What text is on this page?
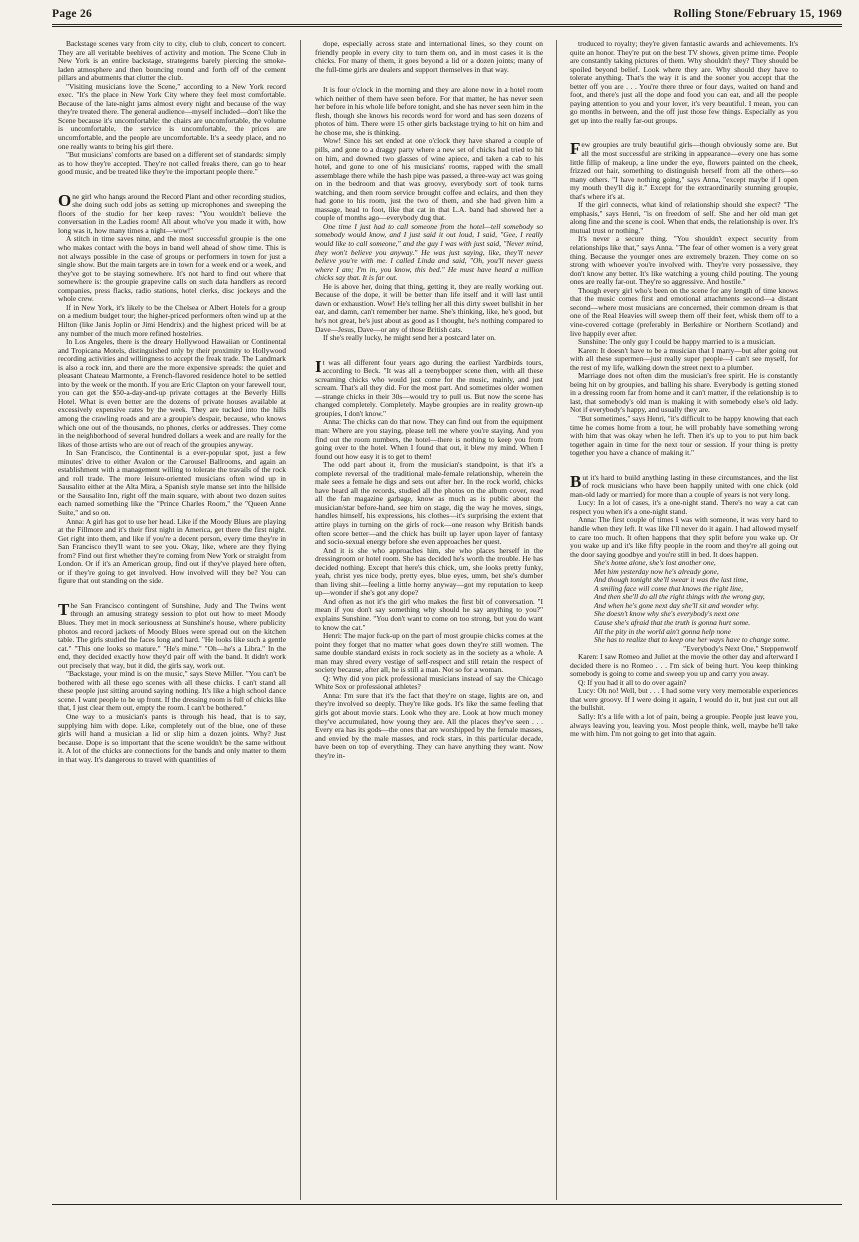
Page 26	Rolling Stone/February 15, 1969

Backstage scenes vary from city to city, club to club, concert to concert. They are all veritable beehives of activity and motion. The Scene Club in New York is an entire backstage, strategems barely piercing the smoke-laden atmosphere and then bouncing round and forth off of the cement pillars and abutments that clutter the club.

"Visiting musicians love the Scene," according to a New York record exec. "It's the place in New York City where they feel most comfortable. Because of the late-night jams almost every night and because of the way they're treated there. The general audience—myself included—don't like the Scene because it's uncomfortable: the chairs are uncomfortable, the volume is uncomfortable, the service is uncomfortable, the prices are uncomfortable, and the people are uncomfortable. It's a seedy place, and no one really wants to bring his girl there.

"But musicians' comforts are based on a different set of standards: simply as to how they're accepted. They're not called freaks there, can go to hear good music, and be treated like they're the important people there."

One girl who hangs around the Record Plant and other recording studios, she doing such odd jobs as setting up microphones and sweeping the floors of the studio for her keep raves: "You wouldn't believe the conversation in the Ladies room! All about who've you made it with, how long was it, how many times a night—wow!"

A stitch in time saves nine, and the most successful groupie is the one who makes contact with the boys in band well ahead of show time. This is not always possible in the case of groups or performers in town for just a single show. But the main targets are in town for a week end or a week, and they've got to be staying somewhere. It's not hard to find out where that somewhere is: the groupie grapevine calls on such data handlers as record companies, press flacks, radio stations, hotel clerks, disc jockeys and the whole crew.

If in New York, it's likely to be the Chelsea or Albert Hotels for a group on a medium budget tour; the higher-priced performers often wind up at the Hilton (like Janis Joplin or Jimi Hendrix) and the highest priced will be at any number of the much more refined hostelries.

In Los Angeles, there is the dreary Hollywood Hawaiian or Continental and Tropicana Motels, distinguished only by their proximity to Hollywood recording activities and willingness to accept the freak trade. The Landmark is also a rock inn, and there are the more expensive spreads: the quiet and pleasant Chateau Marmonte, a French-flavored residence hotel to be settled into by the week or the month. If you are Eric Clapton on your farewell tour, you can get the $50-a-day-and-up private cottages at the Beverly Hills Hotel. What is even better are the dozens of private houses available at excessively expensive rates by the week. They are tucked into the hills among the crawling roads and are a groupie's despair, because, who knows which one out of the thousands, no phones, clerks or addresses. They come in the neighborhood of several hundred dollars a week and are really for the likes of those artists who are out of reach of the groupies anyway.

In San Francisco, the Continental is a ever-popular spot, just a few minutes' drive to either Avalon or the Carousel Ballrooms, and again an establishment with a management willing to tolerate the travails of the rock and roll trade. The more leisure-oriented musicians often wind up in Sausalito either at the Alta Mira, a Spanish style manse set into the hillside or the Sausalito Inn, right off the main square, with about two dozen suites each named something like the "Prince Charles Room," the "Queen Anne Suite," and so on.

Anna: A girl has got to use her head. Like if the Moody Blues are playing at the Fillmore and it's their first night in America, get there the first night. Get right into them, and like if you're a decent person, every time they're in San Francisco they'll want to see you. Okay, like, where are they flying from? Find out first whether they're coming from New York or straight from London. Or if it's an American group, find out if they've played here often, or if they're going to get involved. How involved will they be? You can figure that out standing on the side.

The San Francisco contingent of Sunshine, Judy and The Twins went through an amusing strategy session to plot out how to meet Moody Blues. They met in mock seriousness at Sunshine's house, where publicity photos and record jackets of Moody Blues were spread out on the kitchen table. The girls studied the faces long and hard. "He looks like such a gentle cat." "This one looks so mature." "He's mine." "Oh—he's a Libra." In the end, they decided exactly how they'd pair off with the band. It didn't work out precisely that way, but it did, the girls say, work out.

"Backstage, your mind is on the music," says Steve Miller. "You can't be bothered with all these ego scenes with all these chicks. I can't stand all these people just sitting around saying nothing. It's like a high school dance scene. I want people to be up front. If the dressing room is full of chicks like that, I just clear them out, empty the room. I can't be bothered."

One way to a musician's pants is through his head, that is to say, supplying him with dope. Like, completely out of the blue, one of these girls will hand a musician a lid or slip him a dozen joints. Why? Just because. Dope is so important that the scene wouldn't be the same without it. A lot of the chicks are connections for the bands and only matter to them in that way. It's dangerous to travel with quantities of

dope, especially across state and international lines, so they count on friendly people in every city to turn them on, and in most cases it is the chicks. For many of them, it goes beyond a lid or a dozen joints; many of the full-time girls are dealers and support themselves in that way.

It is four o'clock in the morning and they are alone now in a hotel room which neither of them have seen before. For that matter, he has never seen her before in his whole life before tonight, and she has never seen him in the flesh, though she knows his records word for word and has seen dozens of photos of him. There were 15 other girls backstage trying to hit on him and he chose me, she is thinking.

Wow! Since his set ended at one o'clock they have shared a couple of pills, and gone to a draggy party where a new set of chicks had tried to hit on him, and downed two glasses of wine apiece, and taken a cab to his hotel, and gone to one of his musicians' rooms, rapped with the small assemblage there while the hash pipe was passed, a three-way act was going on in the bedroom and that was groovy, everybody sort of took turns watching, and then room service brought coffee and eclairs, and then they had gone to his room, just the two of them, and she had given him a massage, head to foot, like that cat in that L.A. band had showed her a couple of months ago—everybody dug that.

One time I just had to call someone from the hotel—tell somebody so somebody would know, and I just said it out loud, I said, "Gee, I really would like to call someone," and the guy I was with just said, "Never mind, they won't believe you anyway." He was just saying, like, they'll never believe you're with me. I called Linda and said, "Oh, you'll never guess where I am; I'm in, you know, this bed." He must have heard a million chicks say that. It is far out.

He is above her, doing that thing, getting it, they are really working out. Because of the dope, it will be better than life itself and it will last until dawn or exhaustion. Wow! He's telling her all this dirty sweet bullshit in her ear, and damn, can't remember her name. She's thinking, like, he's good, but he's not great, he's just about as good as I thought, he's nothing compared to Dave—Jesus, Dave—or any of those British cats.

If she's really lucky, he might send her a postcard later on.

It was all different four years ago during the earliest Yardbirds tours, according to Beck. "It was all a teenybopper scene then, with all these screaming chicks who would just come for the music, mainly, and just scream. That's all they did. For the most part. And sometimes older women—strange chicks in their 30s—would try to pull us. But now the scene has changed completely. Completely. Maybe groupies are in reality grown-up groupies, I don't know."

Anna: The chicks can do that now. They can find out from the equipment man: Where are you staying, please tell me where you're staying. And you find out the room numbers, the hotel—there is nothing to keep you from going over to the hotel. When I found that out, it blew my mind. When I found out how easy it is to get to them!

The odd part about it, from the musician's standpoint, is that it's a complete reversal of the traditional male-female relationship, wherein the male sees a female he digs and sets out after her. In the rock world, chicks have heard all the records, studied all the photos on the album cover, read all the fan magazine garbage, know as much as is public about the musician/star before-hand, see him on stage, dig the way he moves, sings, handles himself, his expressions, his clothes—it's surprising the extent that attire plays in turning on the girls of rock—one reason why British bands often score better—and the chick has built up layer upon layer of fantasy and socio-sexual energy before she even approaches her quest.

And it is she who approaches him, she who places herself in the dressingroom or hotel room. She has decided he's worth the trouble. He has decided nothing. Except that here's this chick, um, she looks pretty funky, yeah, christ yes nice body, pretty eyes, blue eyes, umm, bet she's dumber than living shit—feeling a little horny anyway—got my reputation to keep up—wonder if she's got any dope?

And often as not it's the girl who makes the first bit of conversation. "I mean if you don't say something why should he say anything to you?" explains Sunshine. "You don't want to come on too strong, but you do want to know the cat."

Henri: The major fuck-up on the part of most groupie chicks comes at the point they forget that no matter what goes down they're still women. The same double standard exists in rock society as in the society as a whole. A man may shred every vestige of self-respect and still retain the respect of society because, after all, he is still a man. Not so for a woman.

Q: Why did you pick professional musicians instead of say the Chicago White Sox or professional athletes?

Anna: I'm sure that it's the fact that they're on stage, lights are on, and they're involved so deeply. They're like gods. It's like the same feeling that girls got about movie stars. Look who they are. Look at how much money they've accumulated, how young they are. All the places they've seen . . . Every era has its gods—the ones that are worshipped by the female masses, and envied by the male masses, and rock stars, in this particular decade, have been on top of everything. They can have anything they want. Now they're in-

troduced to royalty; they're given fantastic awards and achievements. It's quite an honor. They're put on the best TV shows, given prime time. People are constantly taking pictures of them. Why shouldn't they? They should be spoiled beyond belief. Look where they are. Why should they have to tolerate anything. That's the way it is and the sooner you accept that the better off you are . . . You're there three or four days, waited on hand and foot, and there's just all the dope and food you can eat, and all the people paying attention to you and your lover, it's very beautiful. I mean, you can go months in between, and the off just those few things. Especially as you get up into the really far-out groups.

Few groupies are truly beautiful girls—though obviously some are. But all the most successful are striking in appearance—every one has some little fillip of makeup, a line under the eye, flowers painted on the cheek, frizzed out hair, something to distinguish herself from all the others—so many others. "I have nothing going," says Anna, "except maybe if I open my mouth they'll dig it." Except for the extraordinarily stunning groupie, that's where it's at.

If the girl connects, what kind of relationship should she expect? "The emphasis," says Henri, "is on freedom of self. She and her old man get along fine and the scene is cool. When that ends, the relationship is over. It's mutual trust or nothing."

It's never a secure thing. "You shouldn't expect security from relationships like that," says Anna. "The fear of other women is a very great thing. Because the younger ones are extremely brazen. They come on so strong with whoever you're involved with. They're very possessive, they don't know any better. It's like watching a young child pouting. The young ones are really far-out. They're so aggressive. And hostile."

Though every girl who's been on the scene for any length of time knows that the music comes first and emotional attachments second—a distant second—where most musicians are concerned, their common dream is that one of the Real Heavies will sweep them off their feet, whisk them off to a vine-covered cottage (preferably in Berkshire or Northern Scotland) and live happily ever after.

Sunshine: The only guy I could be happy married to is a musician.

Karen: It doesn't have to be a musician that I marry—but after going out with all these supermen—just really super people—I can't see myself, for the rest of my life, walking down the street next to a plumber.

Marriage does not often dim the musician's free spirit. He is constantly being hit on by groupies, and balling his share. Everybody is getting stoned in a dressing room far from home and it can't matter, if the relationship is to last, that somebody's old man is making it with somebody else's old lady. Not if everybody's happy, and usually they are.

"But sometimes," says Henri, "it's difficult to be happy knowing that each time he comes home from a tour, he will probably have something wrong with him that was okay when he left. Then it's up to you to put him back together again in time for the next tour or session. If your thing is pretty together you have a chance of making it."

But it's hard to build anything lasting in these circumstances, and the list of rock musicians who have been happily united with one chick (old man-old lady or married) for more than a couple of years is not very long.

Lucy: In a lot of cases, it's a one-night stand. There's no way a cat can respect you when it's a one-night stand.

Anna: The first couple of times I was with someone, it was very hard to handle when they left. It was like I'll never do it again. I had allowed myself to care too much. It often happens that they split before you wake up. Or you wake up and it's like fifty people in the room and they're all going out the door saying goodbye and you're still in bed. It does happen.

She's home alone, she's lost another one,

Met him yesterday now he's already gone,

And though tonight she'll swear it was the last time,

A smiling face will come that knows the right line,

And then she'll do all the right things with the wrong guy,

And when he's gone next day she'll sit and wonder why.

She doesn't know why she's everybody's next one

Cause she's afraid that the truth is gonna hurt some.

All the pity in the world ain't gonna help none

She has to realize that to keep one her ways have to change some.

"Everybody's Next One," Steppenwolf

Karen: I saw Romeo and Juliet at the movie the other day and afterward I decided there is no Romeo . . . I'm sick of being hurt. You keep thinking somebody is going to come and sweep you up and carry you away.

Q: If you had it all to do over again?

Lucy: Oh no! Well, but . . . I had some very very memorable experiences that were groovy. If I were doing it again, I would do it, but just cut out all the bullshit.

Sally: It's a life with a lot of pain, being a groupie. People just leave you, always leaving you, leaving you. Most people think, well, maybe he'll take me with him. I'm not going to get into that again.
